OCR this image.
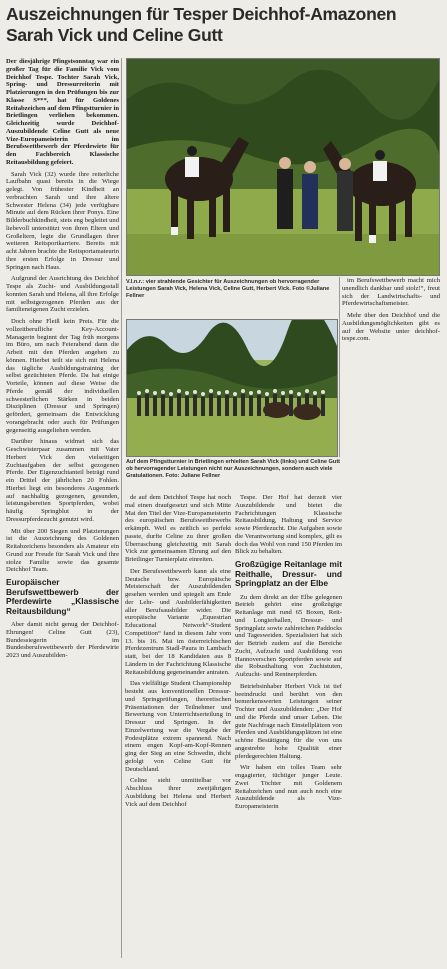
Auszeichnungen für Tesper Deichhof-Amazonen Sarah Vick und Celine Gutt

Der diesjährige Pfingstsonntag war ein großer Tag für die Familie Vick vom Deichhof Tespe. Tochter Sarah Vick, Spring- und Dressurreiterin mit Platzierungen in den Prüfungen bis zur Klasse S***, hat für Goldenes Reitabzeichen auf dem Pfingstturnier in Brietlingen verliehen bekommen. Gleichzeitig wurde Deichhof-Auszubildende Celine Gutt als neue Vize-Europameisterin im Berufswettbewerb der Pferdewirte für den Fachbereich Klassische Reitausbildung gefeiert.

Sarah Vick (32) wurde ihre reiterliche Laufbahn quasi bereits in die Wiege gelegt. Von frühester Kindheit an verbrachten Sarah und ihre ältere Schwester Helena (34) jede verfügbare Minute auf dem Rücken ihrer Ponys. Eine Bilderbuchkindheit, stets eng begleitet und liebevoll unterstützt von ihren Eltern und Großeltern, legte die Grundlagen ihrer weiteren Reitsportkarriere. Bereits mit acht Jahren brachte die Reitsportamateurin ihre ersten Erfolge in Dressur und Springen nach Haus.

Aufgrund der Ausrichtung des Deichhof Tespe als Zucht- und Ausbildungsstall konnten Sarah und Helena, all ihre Erfolge mit selbstgezogenen Pferden aus der familieneigenen Zucht erzielen.

Doch ohne Fleiß kein Preis. Für die vollzeitberufliche Key-Account-Managerin beginnt der Tag früh morgens im Büro, um nach Feierabend dann die Arbeit mit den Pferden angehen zu können. Hierbei teilt sie sich mit Helena das tägliche Ausbildungstraining der selbst gezüchteten Pferde. Da hat einige Vorteile, können auf diese Weise die Pferde gemäß der individuellen schwesterlichen Stärken in beiden Disziplinen (Dressur und Springen) gefördert, gemeinsam die Entwicklung vorangebracht oder auch für Prüfungen gegenseitig ausgeliehen werden.

Darüber hinaus widmet sich das Geschwisterpaar zusammen mit Vater Herbert Vick den vielseitigen Zuchtaufgaben der selbst gezogenen Pferde. Der Eigenzuchtanteil beträgt rund ein Drittel der jährlichen 20 Fohlen. Hierbei liegt ein besonderes Augenmerk auf nachhaltig gezogenen, gesunden, leistungsbereiten Sportpferden, wobei häufig Springblut in der Dressurpferdezucht genutzt wird.

Mit über 200 Siegen und Platzierungen ist die Auszeichnung des Goldenen Reitabzeichens besonders als Amateur ein Grund zur Freude für Sarah Vick und ihre stolze Familie sowie das gesamte Deichhof Team.

Europäischer Berufswettbewerb der Pferdewirte „Klassische Reitausbildung“

Aber damit nicht genug der Deichhof-Ehrungen! Celine Gutt (23), Bundessiegerin im Bundesberufswettbewerb der Pferdewirte 2023 und Auszubilden-

V.l.n.r.: vier strahlende Gesichter für Auszeichnungen ob hervorragender Leistungen Sarah Vick, Helena Vick, Celine Gutt, Herbert Vick. Foto ©Juliane Fellner

im Berufswettbewerb macht mich unendlich dankbar und stolz!“, freut sich der Landwirtschafts- und Pferdewirtschaftsmeister.

Mehr über den Deichhof und die Ausbildungsmöglichkeiten gibt es auf der Website unter deichhof- tespe.com.

Auf dem Pfingstturnier in Brietlingen erhielten Sarah Vick (links) und Celine Gutt ob hervorragender Leistungen nicht nur Auszeichnungen, sondern auch viele Gratulationen. Foto: Juliane Fellner

de auf dem Deichhof Tespe hat noch mal einen draufgesetzt und sich Mitte Mai den Titel der Vize-Europameisterin des europäischen Berufswettbewerbs erkämpft. Weil es zeitlich so perfekt passte, durfte Celine zu ihrer großen Überraschung gleichzeitig mit Sarah Vick zur gemeinsamen Ehrung auf den Brietlinger Turnierplatz einreiten.

Der Berufswettbewerb kann als eine Deutsche bzw. Europäische Meisterschaft der Auszubildenden gesehen werden und spiegelt am Ende der Lehr- und Ausbilderfähigkeiten aller Berufsausbilder wider. Die europäische Variante „Equestrian Educational Network“-Student Competition“ fand in diesem Jahr vom 13. bis 16. Mai im österreichischen Pferdezentrum Stadl-Paura in Lambach statt, bei der 18 Kandidaten aus 8 Ländern in der Fachrichtung Klassische Reitausbildung gegeneinander antraten.

Das vielfältige Student Championship besteht aus konventionellen Dressur- und Springprüfungen, theoretischen Präsentationen der Teilnehmer und Bewertung von Unterrichtserteilung in Dressur und Springen. In der Einzelwertung war die Vergabe der Podestplätze extrem spannend. Nach einem engen Kopf-am-Kopf-Rennen ging der Sieg an eine Schwedin, dicht gefolgt von Celine Gutt für Deutschland.

Celine steht unmittelbar vor Abschluss ihrer zweijährigen Ausbildung bei Helena und Herbert Vick auf dem Deichhof

Tespe. Der Hof hat derzeit vier Auszubildende und bietet die Fachrichtungen Klassische Reitausbildung, Haltung und Service sowie Pferdezucht. Die Aufgaben sowie die Verantwortung sind komplex, gilt es doch das Wohl von rund 150 Pferden im Blick zu behalten.

Großzügige Reitanlage mit Reithalle, Dressur- und Springplatz an der Elbe

Zu dem direkt an der Elbe gelegenen Betrieb gehört eine großzügige Reitanlage mit rund 65 Boxen, Reit- und Longierhallen, Dressur- und Springplatz sowie zahlreichen Paddocks und Tagesweiden. Spezialisiert hat sich der Betrieb zudem auf die Bereiche Zucht, Aufzucht und Ausbildung von Hannoverschen Sportpferden sowie auf die Robusthaltung von Zuchtstuten, Aufzucht- und Rentnerpferden.

Betriebsinhaber Herbert Vick ist tief beeindruckt und berührt von den bemerkenswerten Leistungen seiner Tochter und Auszubildenden: „Der Hof und die Pferde sind unser Leben. Die gute Nachfrage nach Einstellplätzen von Pferden und Ausbildungsplätzen ist eine schöne Bestätigung für die von uns angestrebte hohe Qualität einer pferdegerechten Haltung.

Wir haben ein tolles Team sehr engagierter, tüchtiger junger Leute. Zwei Töchter mit Goldenem Reitabzeichen und nun auch noch eine Auszubildende als Vize-Europameisterin
